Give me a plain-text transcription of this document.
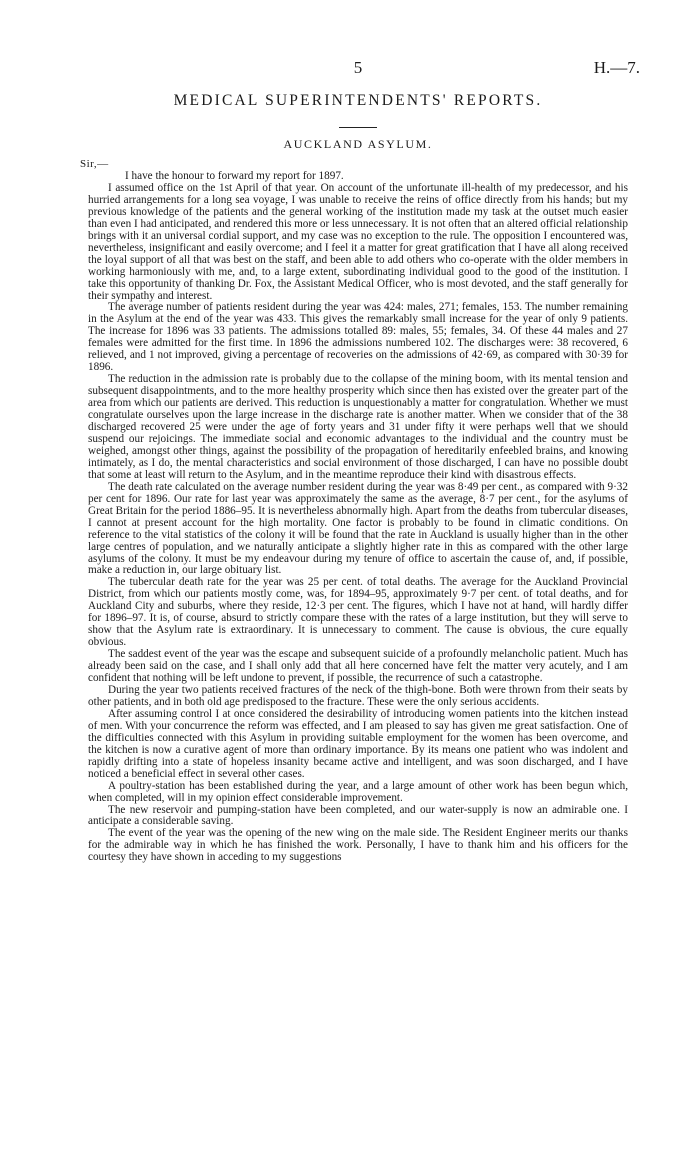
5	H.—7.
MEDICAL SUPERINTENDENTS' REPORTS.
AUCKLAND ASYLUM.
Sir,—

I have the honour to forward my report for 1897.

I assumed office on the 1st April of that year. On account of the unfortunate ill-health of my predecessor, and his hurried arrangements for a long sea voyage, I was unable to receive the reins of office directly from his hands; but my previous knowledge of the patients and the general working of the institution made my task at the outset much easier than even I had anticipated, and rendered this more or less unnecessary. It is not often that an altered official relationship brings with it an universal cordial support, and my case was no exception to the rule. The opposition I encountered was, nevertheless, insignificant and easily overcome; and I feel it a matter for great gratification that I have all along received the loyal support of all that was best on the staff, and been able to add others who co-operate with the older members in working harmoniously with me, and, to a large extent, subordinating individual good to the good of the institution. I take this opportunity of thanking Dr. Fox, the Assistant Medical Officer, who is most devoted, and the staff generally for their sympathy and interest.

The average number of patients resident during the year was 424: males, 271; females, 153. The number remaining in the Asylum at the end of the year was 433. This gives the remarkably small increase for the year of only 9 patients. The increase for 1896 was 33 patients. The admissions totalled 89: males, 55; females, 34. Of these 44 males and 27 females were admitted for the first time. In 1896 the admissions numbered 102. The discharges were: 38 recovered, 6 relieved, and 1 not improved, giving a percentage of recoveries on the admissions of 42·69, as compared with 30·39 for 1896.

The reduction in the admission rate is probably due to the collapse of the mining boom, with its mental tension and subsequent disappointments, and to the more healthy prosperity which since then has existed over the greater part of the area from which our patients are derived. This reduction is unquestionably a matter for congratulation. Whether we must congratulate ourselves upon the large increase in the discharge rate is another matter. When we consider that of the 38 discharged recovered 25 were under the age of forty years and 31 under fifty it were perhaps well that we should suspend our rejoicings. The immediate social and economic advantages to the individual and the country must be weighed, amongst other things, against the possibility of the propagation of hereditarily enfeebled brains, and knowing intimately, as I do, the mental characteristics and social environment of those discharged, I can have no possible doubt that some at least will return to the Asylum, and in the meantime reproduce their kind with disastrous effects.

The death rate calculated on the average number resident during the year was 8·49 per cent., as compared with 9·32 per cent for 1896. Our rate for last year was approximately the same as the average, 8·7 per cent., for the asylums of Great Britain for the period 1886–95. It is nevertheless abnormally high. Apart from the deaths from tubercular diseases, I cannot at present account for the high mortality. One factor is probably to be found in climatic conditions. On reference to the vital statistics of the colony it will be found that the rate in Auckland is usually higher than in the other large centres of population, and we naturally anticipate a slightly higher rate in this as compared with the other large asylums of the colony. It must be my endeavour during my tenure of office to ascertain the cause of, and, if possible, make a reduction in, our large obituary list.

The tubercular death rate for the year was 25 per cent. of total deaths. The average for the Auckland Provincial District, from which our patients mostly come, was, for 1894–95, approximately 9·7 per cent. of total deaths, and for Auckland City and suburbs, where they reside, 12·3 per cent. The figures, which I have not at hand, will hardly differ for 1896–97. It is, of course, absurd to strictly compare these with the rates of a large institution, but they will serve to show that the Asylum rate is extraordinary. It is unnecessary to comment. The cause is obvious, the cure equally obvious.

The saddest event of the year was the escape and subsequent suicide of a profoundly melancholic patient. Much has already been said on the case, and I shall only add that all here concerned have felt the matter very acutely, and I am confident that nothing will be left undone to prevent, if possible, the recurrence of such a catastrophe.

During the year two patients received fractures of the neck of the thigh-bone. Both were thrown from their seats by other patients, and in both old age predisposed to the fracture. These were the only serious accidents.

After assuming control I at once considered the desirability of introducing women patients into the kitchen instead of men. With your concurrence the reform was effected, and I am pleased to say has given me great satisfaction. One of the difficulties connected with this Asylum in providing suitable employment for the women has been overcome, and the kitchen is now a curative agent of more than ordinary importance. By its means one patient who was indolent and rapidly drifting into a state of hopeless insanity became active and intelligent, and was soon discharged, and I have noticed a beneficial effect in several other cases.

A poultry-station has been established during the year, and a large amount of other work has been begun which, when completed, will in my opinion effect considerable improvement.

The new reservoir and pumping-station have been completed, and our water-supply is now an admirable one. I anticipate a considerable saving.

The event of the year was the opening of the new wing on the male side. The Resident Engineer merits our thanks for the admirable way in which he has finished the work. Personally, I have to thank him and his officers for the courtesy they have shown in acceding to my suggestions
